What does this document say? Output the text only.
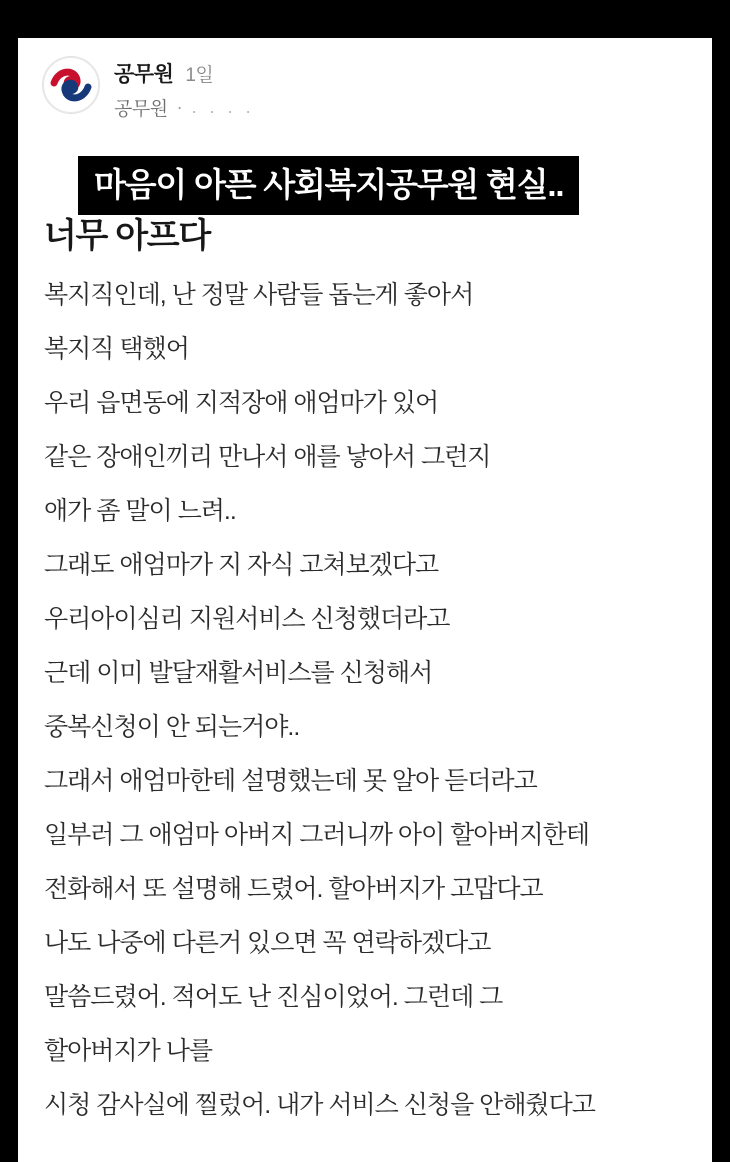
공무원 1일
공무원 · . . . .
마음이 아픈 사회복지공무원 현실..
너무 아프다

복지직인데, 난 정말 사람들 돕는게 좋아서

복지직 택했어

우리 읍면동에 지적장애 애엄마가 있어

같은 장애인끼리 만나서 애를 낳아서 그런지

애가 좀 말이 느려..

그래도 애엄마가 지 자식 고쳐보겠다고

우리아이심리 지원서비스 신청했더라고

근데 이미 발달재활서비스를 신청해서

중복신청이 안 되는거야..

그래서 애엄마한테 설명했는데 못 알아 듣더라고

일부러 그 애엄마 아버지 그러니까 아이 할아버지한테

전화해서 또 설명해 드렸어. 할아버지가 고맙다고

나도 나중에 다른거 있으면 꼭 연락하겠다고

말씀드렸어. 적어도 난 진심이었어. 그런데 그

할아버지가 나를

시청 감사실에 찔렀어. 내가 서비스 신청을 안해줬다고
